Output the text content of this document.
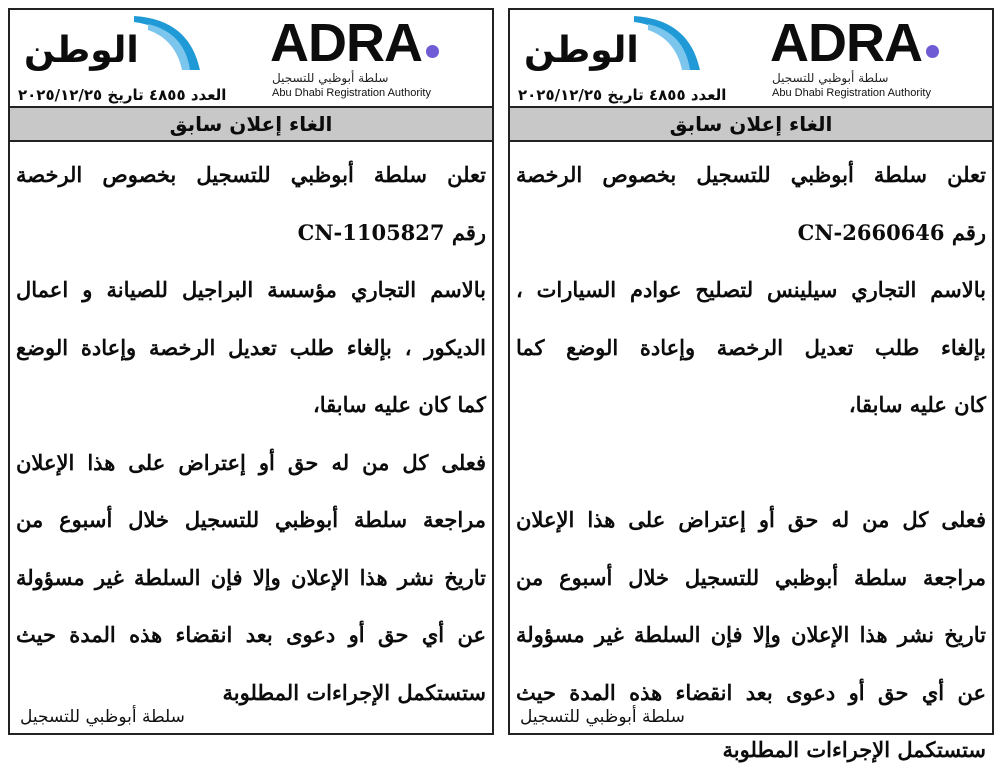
الوطن ADRA
سلطة أبوظبي للتسجيل
Abu Dhabi Registration Authority
العدد ٤٨٥٥ تاريخ ٢٠٢٥/١٢/٢٥
الغاء إعلان سابق
تعلن سلطة أبوظبي للتسجيل بخصوص الرخصة
رقم CN-1105827
بالاسم التجاري مؤسسة البراجيل للصيانة و اعمال
الديكور ، بإلغاء طلب تعديل الرخصة وإعادة الوضع
كما كان عليه سابقا،
فعلى كل من له حق أو إعتراض على هذا الإعلان
مراجعة سلطة أبوظبي للتسجيل خلال أسبوع من
تاريخ نشر هذا الإعلان وإلا فإن السلطة غير مسؤولة
عن أي حق أو دعوى بعد انقضاء هذه المدة حيث
ستستكمل الإجراءات المطلوبة
سلطة أبوظبي للتسجيل
الوطن ADRA
سلطة أبوظبي للتسجيل
Abu Dhabi Registration Authority
العدد ٤٨٥٥ تاريخ ٢٠٢٥/١٢/٢٥
الغاء إعلان سابق
تعلن سلطة أبوظبي للتسجيل بخصوص الرخصة
رقم CN-2660646
بالاسم التجاري سيلينس لتصليح عوادم السيارات ،
بإلغاء طلب تعديل الرخصة وإعادة الوضع كما
كان عليه سابقا،
فعلى كل من له حق أو إعتراض على هذا الإعلان
مراجعة سلطة أبوظبي للتسجيل خلال أسبوع من
تاريخ نشر هذا الإعلان وإلا فإن السلطة غير مسؤولة
عن أي حق أو دعوى بعد انقضاء هذه المدة حيث
ستستكمل الإجراءات المطلوبة
سلطة أبوظبي للتسجيل
